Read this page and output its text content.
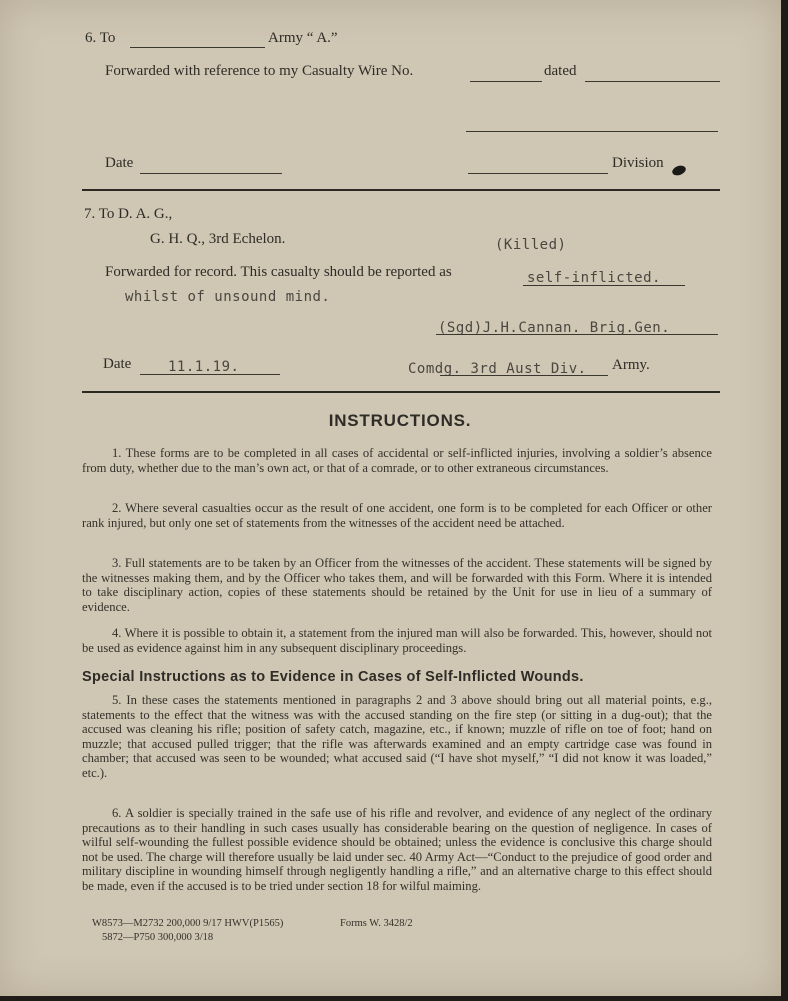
6. To	Army “ A.”
Forwarded with reference to my Casualty Wire No.	dated
Date	Division
7. To D. A. G.,
G. H. Q., 3rd Echelon.	(Killed)
Forwarded for record. This casualty should be reported as	self-inflicted.
whilst of unsound mind.
(Sgd)J.H.Cannan. Brig.Gen.
Date	11.1.19.	Comdg. 3rd Aust Div. Army.
INSTRUCTIONS.
1. These forms are to be completed in all cases of accidental or self-inflicted injuries, involving a soldier’s absence from duty, whether due to the man’s own act, or that of a comrade, or to other extraneous circumstances.
2. Where several casualties occur as the result of one accident, one form is to be completed for each Officer or other rank injured, but only one set of statements from the witnesses of the accident need be attached.
3. Full statements are to be taken by an Officer from the witnesses of the accident. These statements will be signed by the witnesses making them, and by the Officer who takes them, and will be forwarded with this Form. Where it is intended to take disciplinary action, copies of these statements should be retained by the Unit for use in lieu of a summary of evidence.
4. Where it is possible to obtain it, a statement from the injured man will also be forwarded. This, however, should not be used as evidence against him in any subsequent disciplinary proceedings.
Special Instructions as to Evidence in Cases of Self-Inflicted Wounds.
5. In these cases the statements mentioned in paragraphs 2 and 3 above should bring out all material points, e.g., statements to the effect that the witness was with the accused standing on the fire step (or sitting in a dug-out); that the accused was cleaning his rifle; position of safety catch, magazine, etc., if known; muzzle of rifle on toe of foot; hand on muzzle; that accused pulled trigger; that the rifle was afterwards examined and an empty cartridge case was found in chamber; that accused was seen to be wounded; what accused said (“I have shot myself,” “I did not know it was loaded,” etc.).
6. A soldier is specially trained in the safe use of his rifle and revolver, and evidence of any neglect of the ordinary precautions as to their handling in such cases usually has considerable bearing on the question of negligence. In cases of wilful self-wounding the fullest possible evidence should be obtained; unless the evidence is conclusive this charge should not be used. The charge will therefore usually be laid under sec. 40 Army Act—“Conduct to the prejudice of good order and military discipline in wounding himself through negligently handling a rifle,” and an alternative charge to this effect should be made, even if the accused is to be tried under section 18 for wilful maiming.
W8573—M2732 200,000 9/17 HWV(P1565)
5872—P750 300,000 3/18
Forms W. 3428/2
